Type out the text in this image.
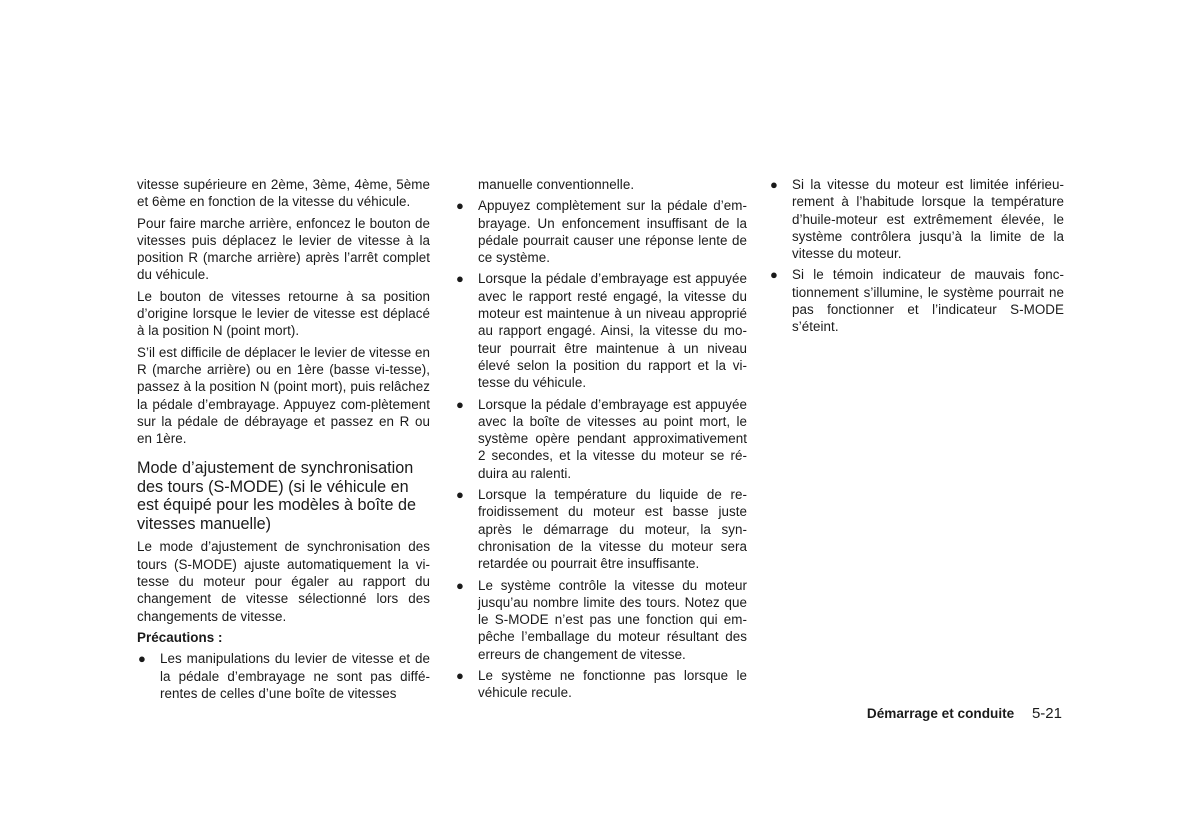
vitesse supérieure en 2ème, 3ème, 4ème, 5ème et 6ème en fonction de la vitesse du véhicule.

Pour faire marche arrière, enfoncez le bouton de vitesses puis déplacez le levier de vitesse à la position R (marche arrière) après l’arrêt complet du véhicule.

Le bouton de vitesses retourne à sa position d’origine lorsque le levier de vitesse est déplacé à la position N (point mort).

S’il est difficile de déplacer le levier de vitesse en R (marche arrière) ou en 1ère (basse vi-tesse), passez à la position N (point mort), puis relâchez la pédale d’embrayage. Appuyez com-plètement sur la pédale de débrayage et passez en R ou en 1ère.

Mode d’ajustement de synchronisation des tours (S-MODE) (si le véhicule en est équipé pour les modèles à boîte de vitesses manuelle)

Le mode d’ajustement de synchronisation des tours (S-MODE) ajuste automatiquement la vi-tesse du moteur pour égaler au rapport du changement de vitesse sélectionné lors des changements de vitesse.

Précautions :
● Les manipulations du levier de vitesse et de la pédale d’embrayage ne sont pas diffé-rentes de celles d’une boîte de vitesses
manuelle conventionnelle.
● Appuyez complètement sur la pédale d’em-brayage. Un enfoncement insuffisant de la pédale pourrait causer une réponse lente de ce système.
● Lorsque la pédale d’embrayage est appuyée avec le rapport resté engagé, la vitesse du moteur est maintenue à un niveau approprié au rapport engagé. Ainsi, la vitesse du mo-teur pourrait être maintenue à un niveau élevé selon la position du rapport et la vi-tesse du véhicule.
● Lorsque la pédale d’embrayage est appuyée avec la boîte de vitesses au point mort, le système opère pendant approximativement 2 secondes, et la vitesse du moteur se ré-duira au ralenti.
● Lorsque la température du liquide de re-froidissement du moteur est basse juste après le démarrage du moteur, la syn-chronisation de la vitesse du moteur sera retardée ou pourrait être insuffisante.
● Le système contrôle la vitesse du moteur jusqu’au nombre limite des tours. Notez que le S-MODE n’est pas une fonction qui em-pêche l’emballage du moteur résultant des erreurs de changement de vitesse.
● Le système ne fonctionne pas lorsque le véhicule recule.
● Si la vitesse du moteur est limitée inférieu-rement à l’habitude lorsque la température d’huile-moteur est extrêmement élevée, le système contrôlera jusqu’à la limite de la vitesse du moteur.
● Si le témoin indicateur de mauvais fonc-tionnement s’illumine, le système pourrait ne pas fonctionner et l’indicateur S-MODE s’éteint.
Démarrage et conduite 5-21
